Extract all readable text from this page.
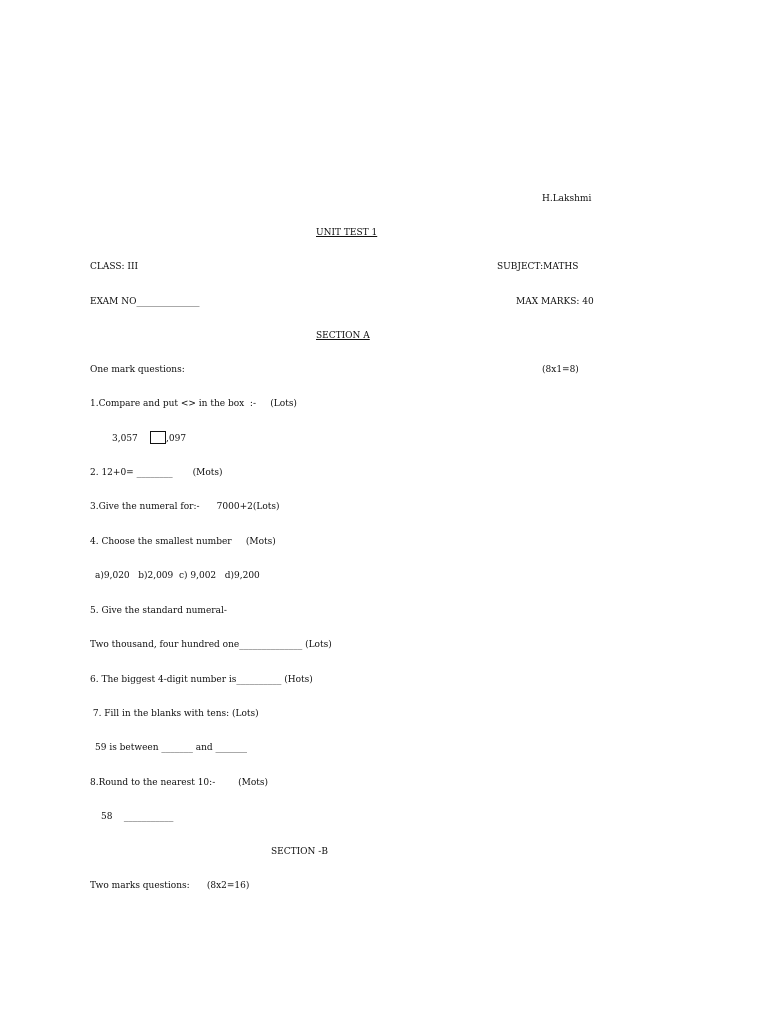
H.Lakshmi
UNIT TEST 1
CLASS: III	SUBJECT:MATHS
EXAM NO______________	MAX MARKS: 40
SECTION A
One mark questions:	(8x1=8)
1.Compare and put <> in the box  :-     (Lots)
3,057	,097
2. 12+0= ________       (Mots)
3.Give the numeral for:-      7000+2(Lots)
4. Choose the smallest number     (Mots)
a)9,020   b)2,009  c) 9,002   d)9,200
5. Give the standard numeral-
Two thousand, four hundred one______________ (Lots)
6. The biggest 4-digit number is__________ (Hots)
7. Fill in the blanks with tens: (Lots)
59 is between _______ and _______
8.Round to the nearest 10:-        (Mots)
58    ___________
SECTION -B
Two marks questions:      (8x2=16)
